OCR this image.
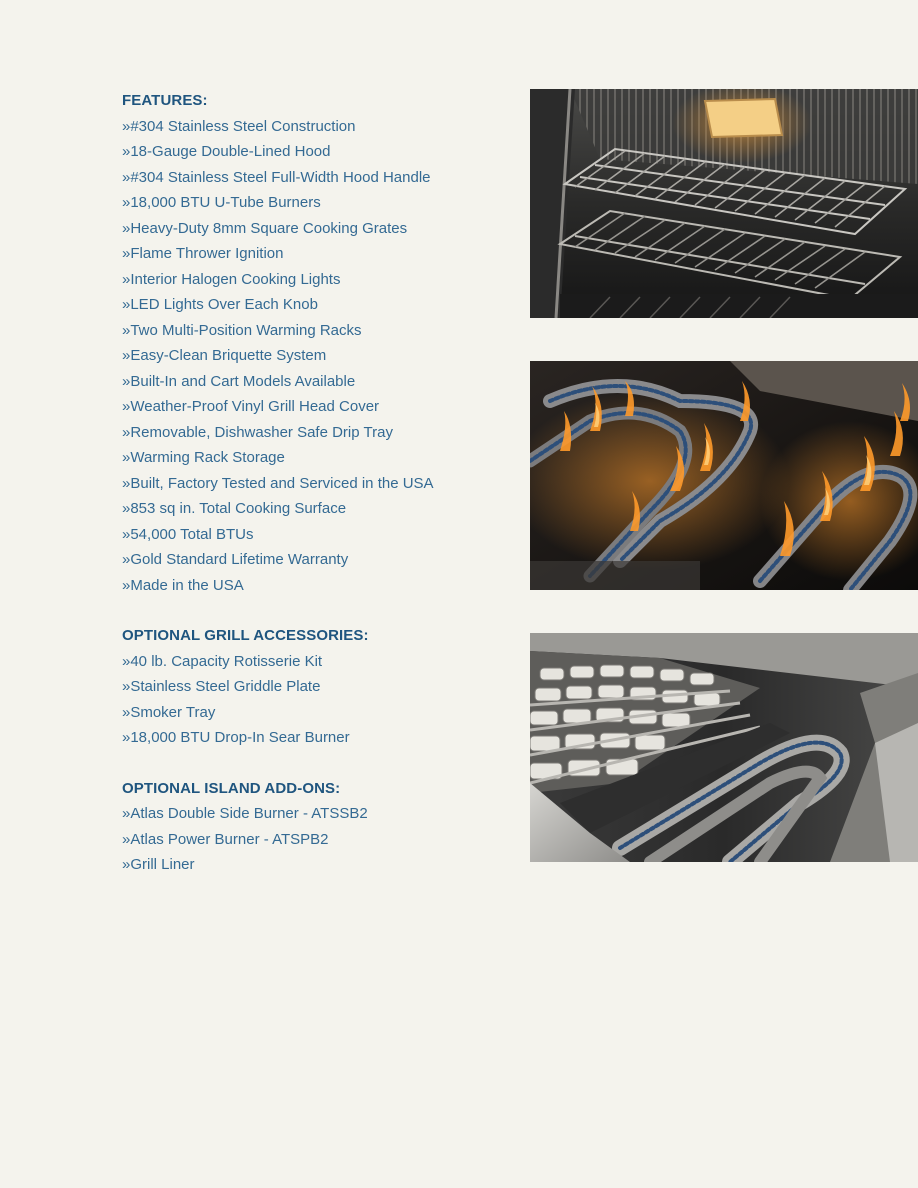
FEATURES:
»#304 Stainless Steel Construction
»18-Gauge Double-Lined Hood
»#304 Stainless Steel Full-Width Hood Handle
»18,000 BTU U-Tube Burners
»Heavy-Duty 8mm Square Cooking Grates
»Flame Thrower Ignition
»Interior Halogen Cooking Lights
»LED Lights Over Each Knob
»Two Multi-Position Warming Racks
»Easy-Clean Briquette System
»Built-In and Cart Models Available
»Weather-Proof Vinyl Grill Head Cover
»Removable, Dishwasher Safe Drip Tray
»Warming Rack Storage
»Built, Factory Tested and Serviced in the USA
»853 sq in. Total Cooking Surface
»54,000 Total BTUs
»Gold Standard Lifetime Warranty
»Made in the USA
OPTIONAL GRILL ACCESSORIES:
»40 lb. Capacity Rotisserie Kit
»Stainless Steel Griddle Plate
»Smoker Tray
»18,000 BTU Drop-In Sear Burner
OPTIONAL ISLAND ADD-ONS:
»Atlas Double Side Burner - ATSSB2
»Atlas Power Burner - ATSPB2
»Grill Liner
